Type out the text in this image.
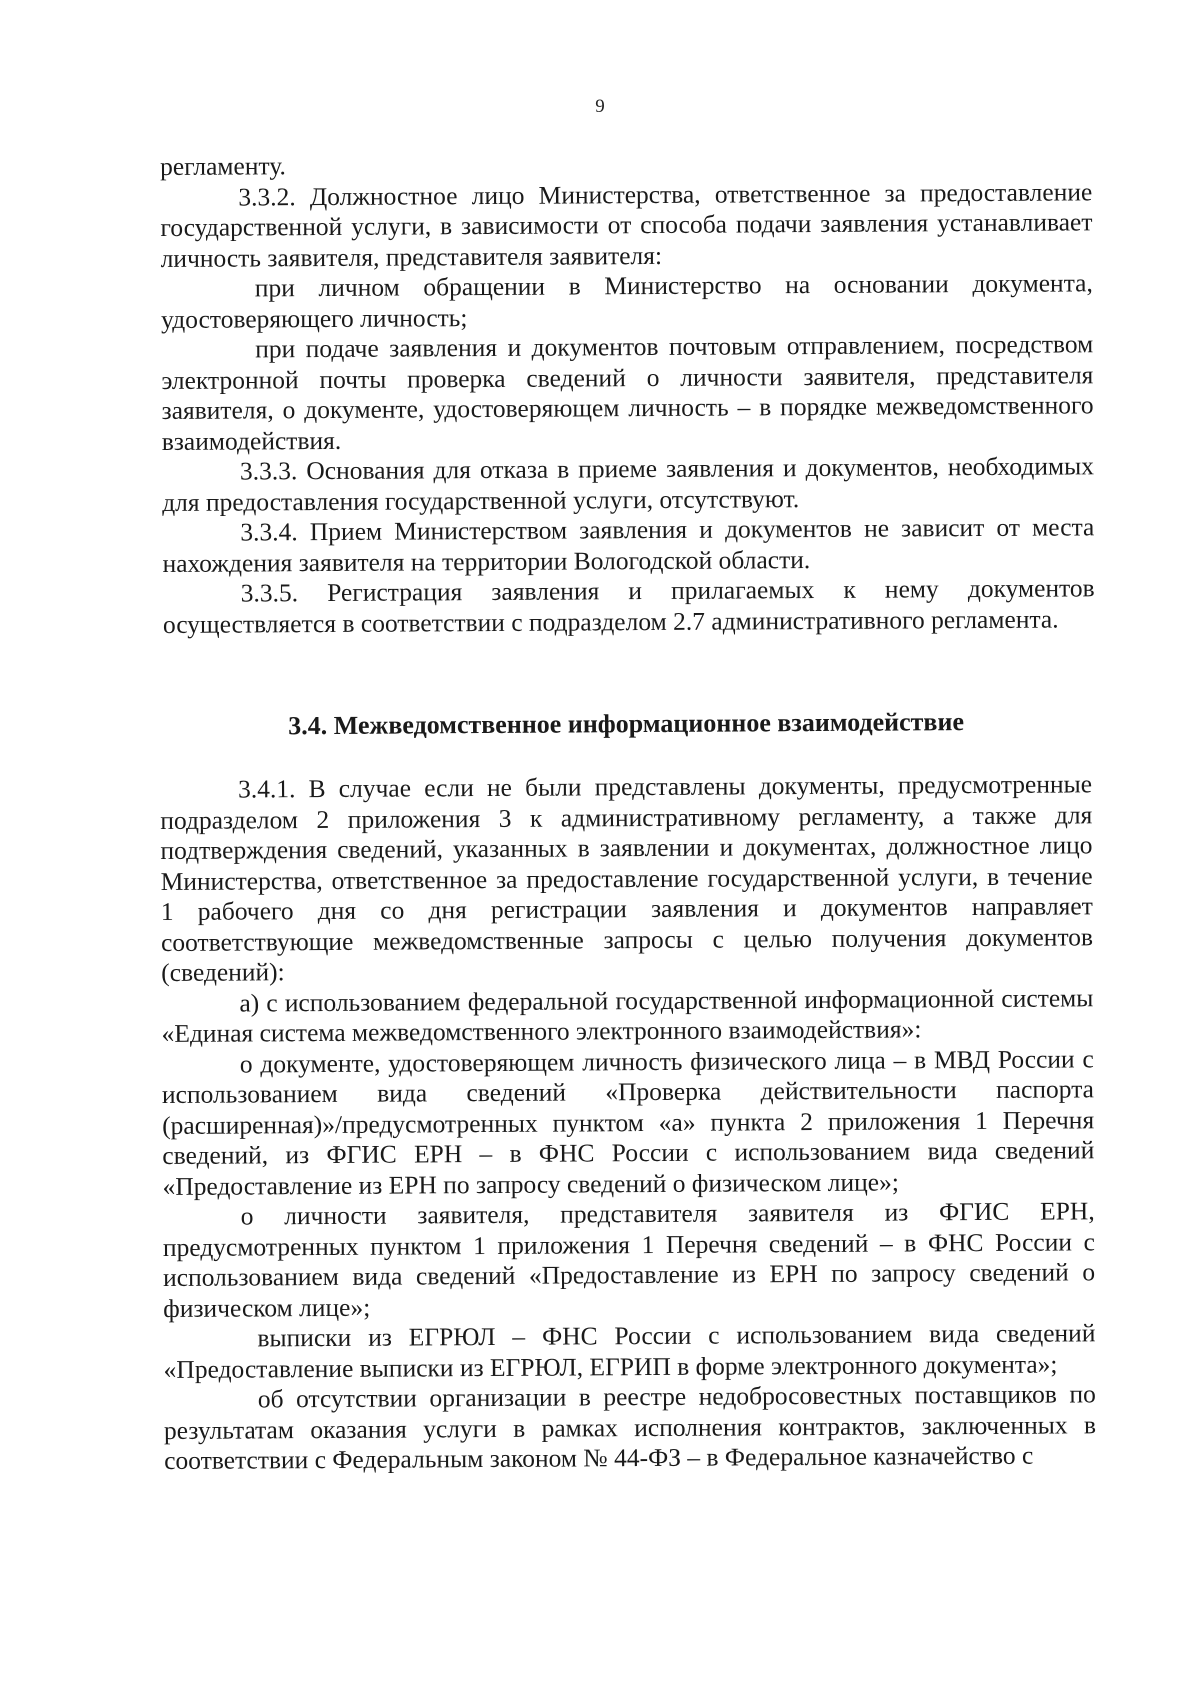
9

регламенту.

3.3.2. Должностное лицо Министерства, ответственное за предоставление государственной услуги, в зависимости от способа подачи заявления устанавливает личность заявителя, представителя заявителя:

при личном обращении в Министерство на основании документа, удостоверяющего личность;

при подаче заявления и документов почтовым отправлением, посредством электронной почты проверка сведений о личности заявителя, представителя заявителя, о документе, удостоверяющем личность – в порядке межведомственного взаимодействия.

3.3.3. Основания для отказа в приеме заявления и документов, необходимых для предоставления государственной услуги, отсутствуют.

3.3.4. Прием Министерством заявления и документов не зависит от места нахождения заявителя на территории Вологодской области.

3.3.5. Регистрация заявления и прилагаемых к нему документов осуществляется в соответствии с подразделом 2.7 административного регламента.

3.4. Межведомственное информационное взаимодействие

3.4.1. В случае если не были представлены документы, предусмотренные подразделом 2 приложения 3 к административному регламенту, а также для подтверждения сведений, указанных в заявлении и документах, должностное лицо Министерства, ответственное за предоставление государственной услуги, в течение 1 рабочего дня со дня регистрации заявления и документов направляет соответствующие межведомственные запросы с целью получения документов (сведений):

а) с использованием федеральной государственной информационной системы «Единая система межведомственного электронного взаимодействия»:

о документе, удостоверяющем личность физического лица – в МВД России с использованием вида сведений «Проверка действительности паспорта (расширенная)»/предусмотренных пунктом «а» пункта 2 приложения 1 Перечня сведений, из ФГИС ЕРН – в ФНС России с использованием вида сведений «Предоставление из ЕРН по запросу сведений о физическом лице»;

о личности заявителя, представителя заявителя из ФГИС ЕРН, предусмотренных пунктом 1 приложения 1 Перечня сведений – в ФНС России с использованием вида сведений «Предоставление из ЕРН по запросу сведений о физическом лице»;

выписки из ЕГРЮЛ – ФНС России с использованием вида сведений «Предоставление выписки из ЕГРЮЛ, ЕГРИП в форме электронного документа»;

об отсутствии организации в реестре недобросовестных поставщиков по результатам оказания услуги в рамках исполнения контрактов, заключенных в соответствии с Федеральным законом № 44-ФЗ – в Федеральное казначейство с
